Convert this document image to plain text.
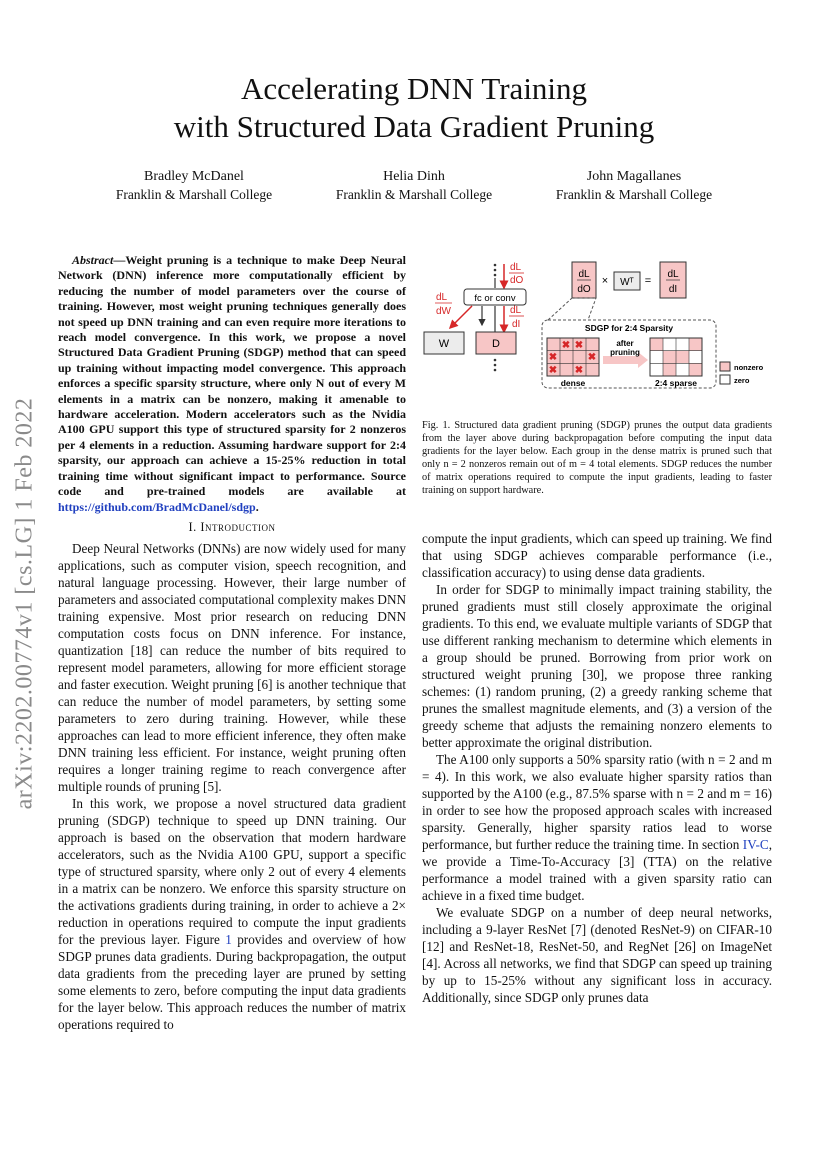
arXiv:2202.00774v1 [cs.LG] 1 Feb 2022
Accelerating DNN Training
with Structured Data Gradient Pruning
Bradley McDanel
Franklin & Marshall College
Helia Dinh
Franklin & Marshall College
John Magallanes
Franklin & Marshall College
Abstract—Weight pruning is a technique to make Deep Neural Network (DNN) inference more computationally efficient by reducing the number of model parameters over the course of training. However, most weight pruning techniques generally does not speed up DNN training and can even require more iterations to reach model convergence. In this work, we propose a novel Structured Data Gradient Pruning (SDGP) method that can speed up training without impacting model convergence. This approach enforces a specific sparsity structure, where only N out of every M elements in a matrix can be nonzero, making it amenable to hardware acceleration. Modern accelerators such as the Nvidia A100 GPU support this type of structured sparsity for 2 nonzeros per 4 elements in a reduction. Assuming hardware support for 2:4 sparsity, our approach can achieve a 15-25% reduction in total training time without significant impact to performance. Source code and pre-trained models are available at https://github.com/BradMcDanel/sdgp.
I. Introduction

Deep Neural Networks (DNNs) are now widely used for many applications, such as computer vision, speech recognition, and natural language processing. However, their large number of parameters and associated computational complexity makes DNN training expensive. Most prior research on reducing DNN computation costs focus on DNN inference. For instance, quantization [18] can reduce the number of bits required to represent model parameters, allowing for more efficient storage and faster execution. Weight pruning [6] is another technique that can reduce the number of model parameters, by setting some parameters to zero during training. However, while these approaches can lead to more efficient inference, they often make DNN training less efficient. For instance, weight pruning often requires a longer training regime to reach convergence after multiple rounds of pruning [5].

In this work, we propose a novel structured data gradient pruning (SDGP) technique to speed up DNN training. Our approach is based on the observation that modern hardware accelerators, such as the Nvidia A100 GPU, support a specific type of structured sparsity, where only 2 out of every 4 elements in a matrix can be nonzero. We enforce this sparsity structure on the activations gradients during training, in order to achieve a 2× reduction in operations required to compute the input gradients for the previous layer. Figure 1 provides and overview of how SDGP prunes data gradients. During backpropagation, the output data gradients from the preceding layer are pruned by setting some elements to zero, before computing the input data gradients for the layer below. This approach reduces the number of matrix operations required to

dL
dO
fc or conv
dL
dW	dL
dI
W	D
dL
dO
× Wᵀ =
dL
dI
SDGP for 2:4 Sparsity
✖ ✖
✖	✖
✖ ✖
dense
after
pruning
2:4 sparse
nonzero
zero
Fig. 1. Structured data gradient pruning (SDGP) prunes the output data gradients from the layer above during backpropagation before computing the input data gradients for the layer below. Each group in the dense matrix is pruned such that only n = 2 nonzeros remain out of m = 4 total elements. SDGP reduces the number of matrix operations required to compute the input gradients, leading to faster training on support hardware.

compute the input gradients, which can speed up training. We find that using SDGP achieves comparable performance (i.e., classification accuracy) to using dense data gradients.

In order for SDGP to minimally impact training stability, the pruned gradients must still closely approximate the original gradients. To this end, we evaluate multiple variants of SDGP that use different ranking mechanism to determine which elements in a group should be pruned. Borrowing from prior work on structured weight pruning [30], we propose three ranking schemes: (1) random pruning, (2) a greedy ranking scheme that prunes the smallest magnitude elements, and (3) a version of the greedy scheme that adjusts the remaining nonzero elements to better approximate the original distribution.

The A100 only supports a 50% sparsity ratio (with n = 2 and m = 4). In this work, we also evaluate higher sparsity ratios than supported by the A100 (e.g., 87.5% sparse with n = 2 and m = 16) in order to see how the proposed approach scales with increased sparsity. Generally, higher sparsity ratios lead to worse performance, but further reduce the training time. In section IV-C, we provide a Time-To-Accuracy [3] (TTA) on the relative performance a model trained with a given sparsity ratio can achieve in a fixed time budget.

We evaluate SDGP on a number of deep neural networks, including a 9-layer ResNet [7] (denoted ResNet-9) on CIFAR-10 [12] and ResNet-18, ResNet-50, and RegNet [26] on ImageNet [4]. Across all networks, we find that SDGP can speed up training by up to 15-25% without any significant loss in accuracy. Additionally, since SDGP only prunes data
